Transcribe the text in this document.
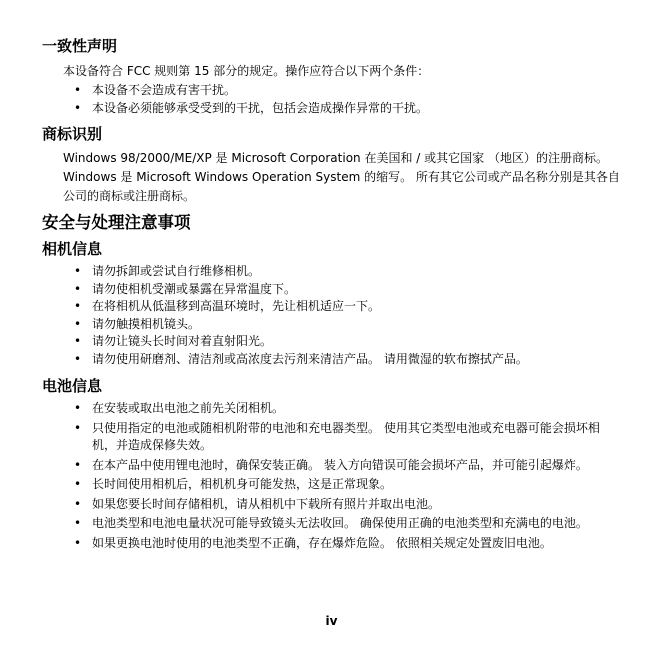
一致性声明

本设备符合 FCC 规则第 15 部分的规定。操作应符合以下两个条件：

• 本设备不会造成有害干扰。
• 本设备必须能够承受受到的干扰，包括会造成操作异常的干扰。
商标识别

Windows 98/2000/ME/XP 是 Microsoft Corporation 在美国和 / 或其它国家 （地区）的注册商标。Windows 是 Microsoft Windows Operation System 的缩写。 所有其它公司或产品名称分别是其各自公司的商标或注册商标。

安全与处理注意事项
相机信息
• 请勿拆卸或尝试自行维修相机。
• 请勿使相机受潮或暴露在异常温度下。
• 在将相机从低温移到高温环境时，先让相机适应一下。
• 请勿触摸相机镜头。
• 请勿让镜头长时间对着直射阳光。
• 请勿使用研磨剂、清洁剂或高浓度去污剂来清洁产品。 请用微湿的软布擦拭产品。
电池信息
• 在安装或取出电池之前先关闭相机。
• 只使用指定的电池或随相机附带的电池和充电器类型。 使用其它类型电池或充电器可能会损坏相机，并造成保修失效。
• 在本产品中使用锂电池时，确保安装正确。 装入方向错误可能会损坏产品，并可能引起爆炸。
• 长时间使用相机后，相机机身可能发热，这是正常现象。
• 如果您要长时间存储相机，请从相机中下载所有照片并取出电池。
• 电池类型和电池电量状况可能导致镜头无法收回。 确保使用正确的电池类型和充满电的电池。
• 如果更换电池时使用的电池类型不正确，存在爆炸危险。 依照相关规定处置废旧电池。
iv
